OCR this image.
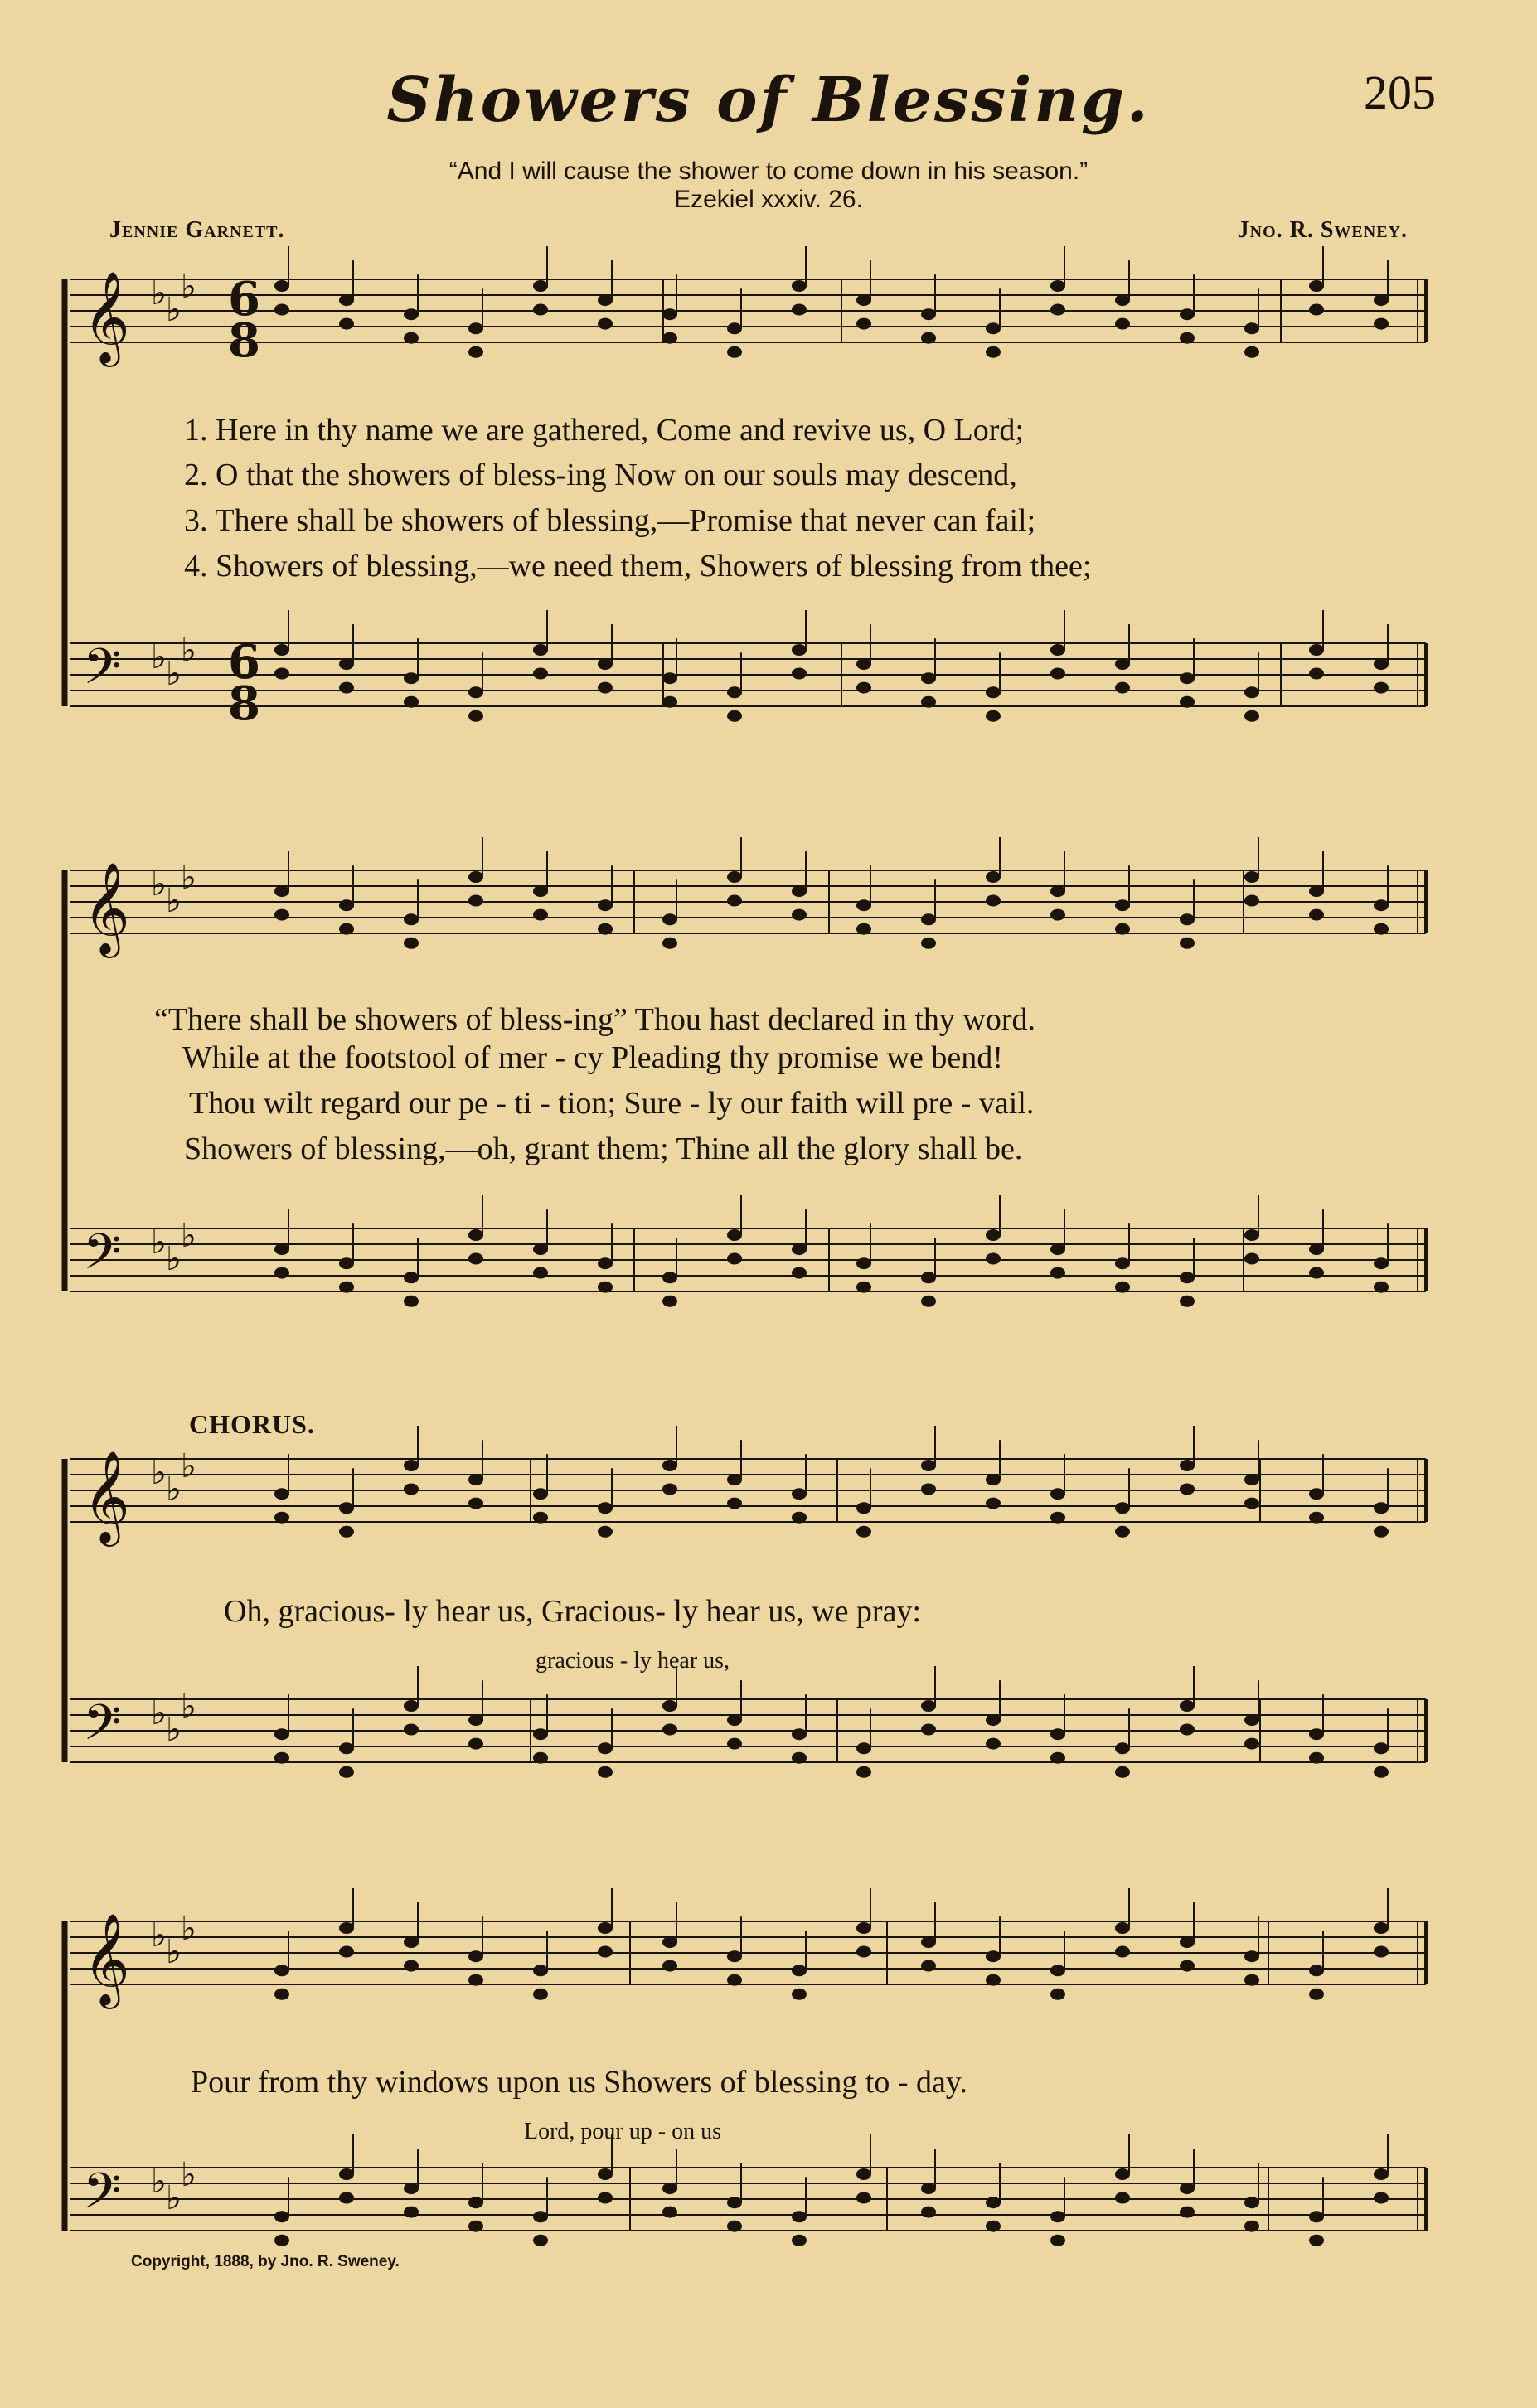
Showers of Blessing.	205
“And I will cause the shower to come down in his season.”
Ezekiel xxxiv. 26.
Jennie Garnett.	Jno. R. Sweney.
𝄞 ♭ ♭
♭
𝄢 ♭ ♭
♭
𝄞 ♭ ♭
♭
𝄢 ♭ ♭
♭
𝄞 ♭ ♭
♭
𝄢 ♭ ♭
♭
𝄞 ♭ ♭
♭
𝄢 ♭ ♭
♭
6
8
6
8
1. Here in thy name we are gathered, Come and revive us, O Lord;
2. O that the showers of bless-ing Now on our souls may descend,
3. There shall be showers of blessing,—Promise that never can fail;
4. Showers of blessing,—we need them, Showers of blessing from thee;
“There shall be showers of bless-ing” Thou hast declared in thy word.
While at the footstool of mer - cy Pleading thy promise we bend!
Thou wilt regard our pe - ti - tion; Sure - ly our faith will pre - vail.
Showers of blessing,—oh, grant them; Thine all the glory shall be.
CHORUS.
Oh, gracious- ly hear us, Gracious- ly hear us, we pray:
gracious - ly hear us,
Pour from thy windows upon us Showers of blessing to - day.
Lord, pour up - on us
Copyright, 1888, by Jno. R. Sweney.
